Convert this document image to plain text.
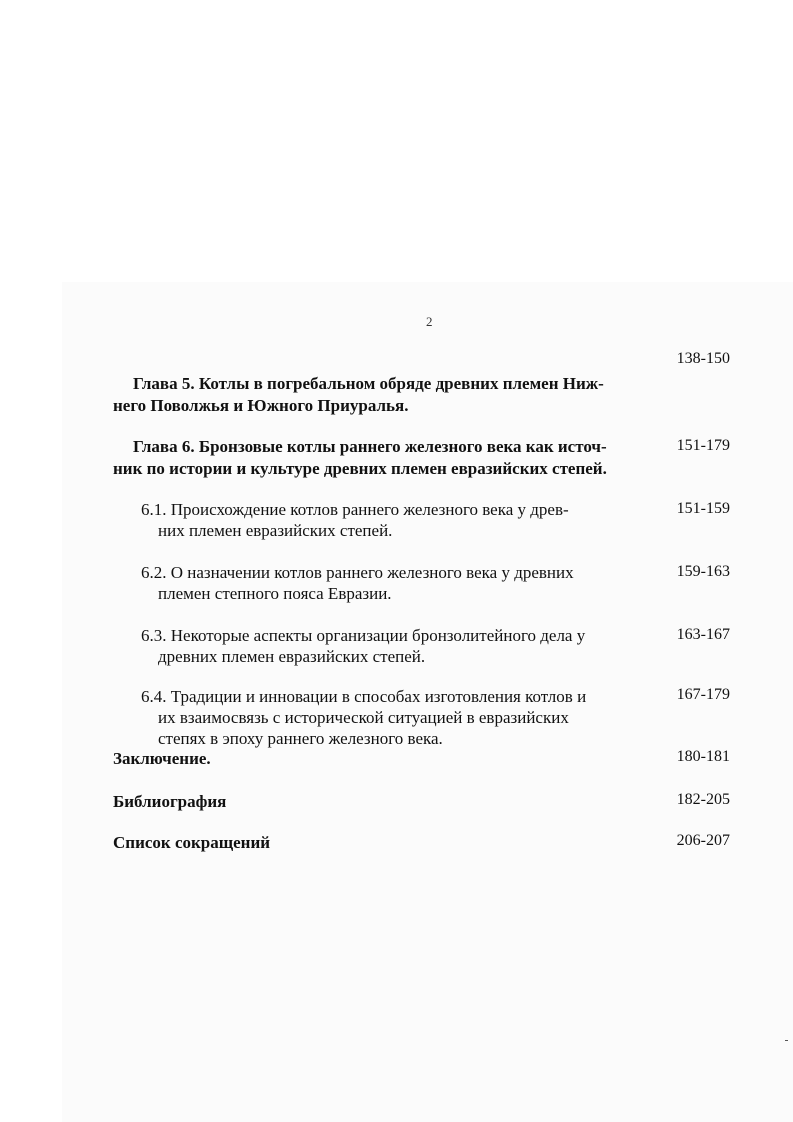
2
138-150
Глава 5. Котлы в погребальном обряде древних племен Ниж-
него Поволжья и Южного Приуралья.
151-179
Глава 6. Бронзовые котлы раннего железного века как источ-
ник по истории и культуре древних племен евразийских степей.
151-159
6.1. Происхождение котлов раннего железного века у древ-
них племен евразийских степей.
159-163
6.2. О назначении котлов раннего железного века у древних
племен степного пояса Евразии.
163-167
6.3. Некоторые аспекты организации бронзолитейного дела у
древних племен евразийских степей.
167-179
6.4. Традиции и инновации в способах изготовления котлов и
их взаимосвязь с исторической ситуацией в евразийских
степях в эпоху раннего железного века.
180-181
Заключение.
182-205
Библиография
206-207
Список сокращений
